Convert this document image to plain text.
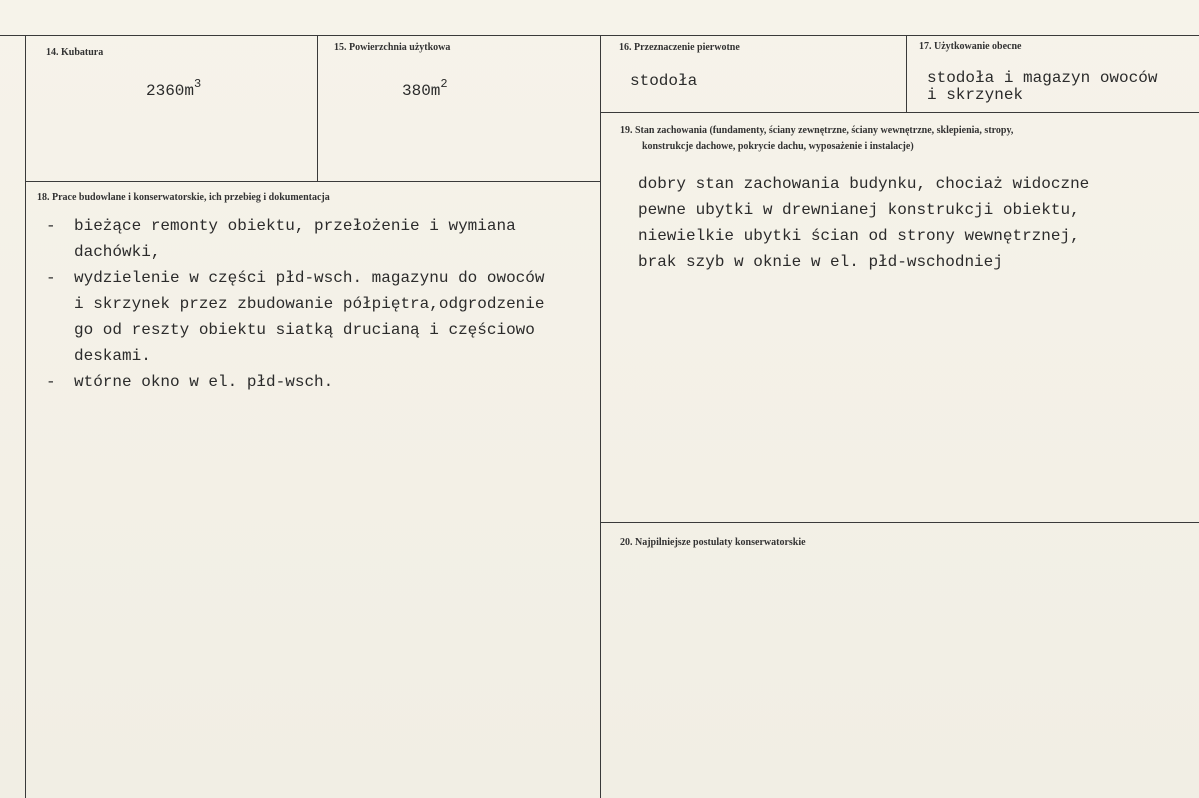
14. Kubatura
$2360m^3$
15. Powierzchnia użytkowa
$380m^2$
16. Przeznaczenie pierwotne
stodoła
17. Użytkowanie obecne
stodoła i magazyn owoców
i skrzynek
19. Stan zachowania (fundamenty, ściany zewnętrzne, ściany wewnętrzne, sklepienia, stropy,
konstrukcje dachowe, pokrycie dachu, wyposażenie i instalacje)
dobry stan zachowania budynku, chociaż widoczne
pewne ubytki w drewnianej konstrukcji obiektu,
niewielkie ubytki ścian od strony wewnętrznej,
brak szyb w oknie w el. płd-wschodniej
18. Prace budowlane i konserwatorskie, ich przebieg i dokumentacja
- bieżące remonty obiektu, przełożenie i wymiana
dachówki,
- wydzielenie w części płd-wsch. magazynu do owoców
i skrzynek przez zbudowanie półpiętra,odgrodzenie
go od reszty obiektu siatką drucianą i częściowo
deskami.
- wtórne okno w el. płd-wsch.
20. Najpilniejsze postulaty konserwatorskie
